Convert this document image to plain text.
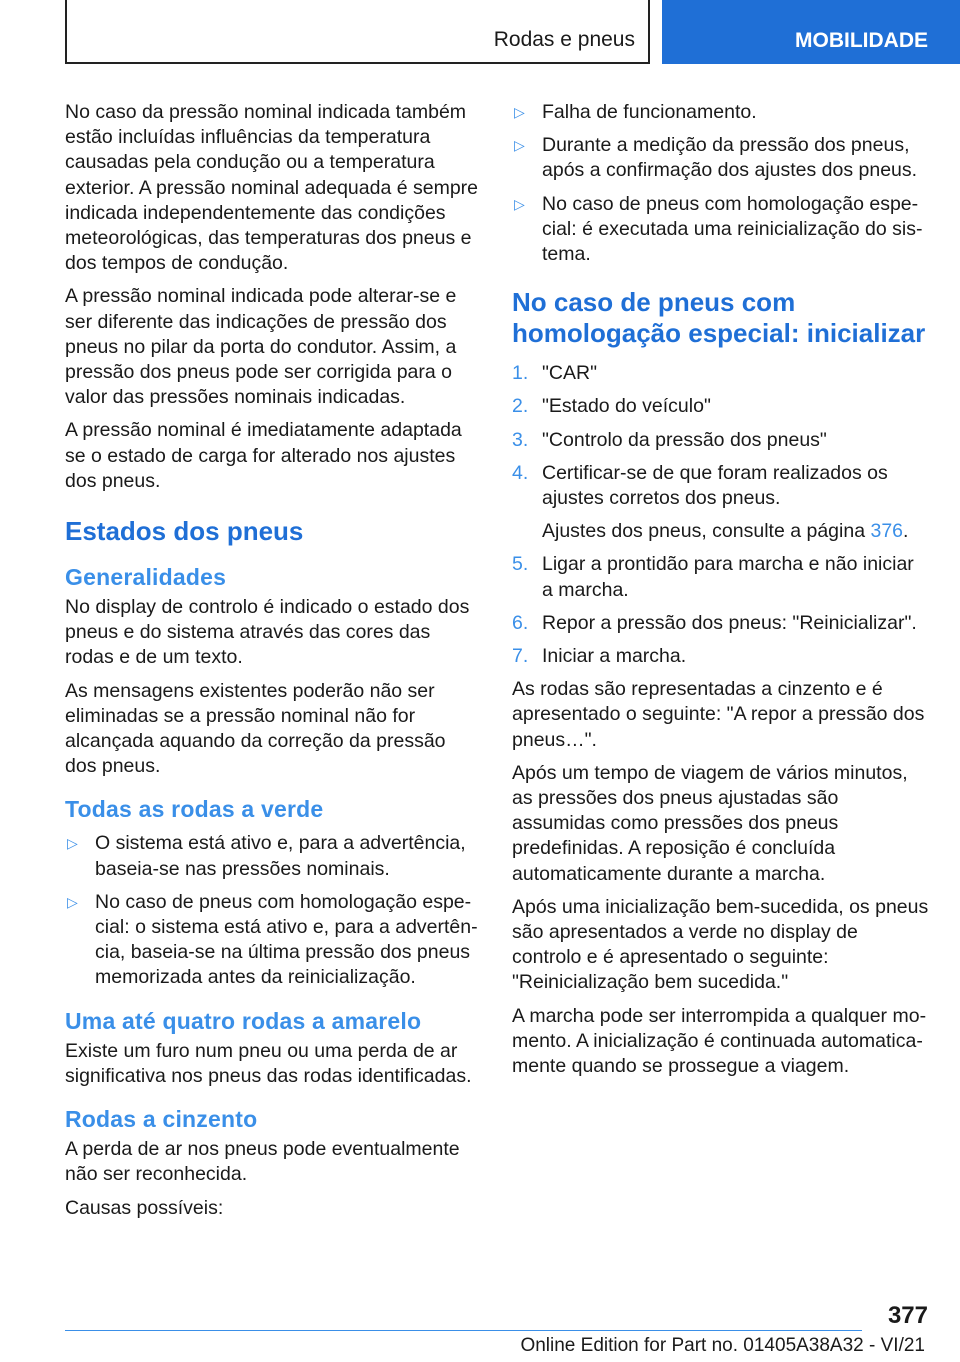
Rodas e pneus	MOBILIDADE

No caso da pressão nominal indicada também estão incluídas influências da temperatura causadas pela condução ou a temperatura exterior. A pressão nominal adequada é sempre indicada independentemente das condições meteorológicas, das temperaturas dos pneus e dos tempos de condução.

A pressão nominal indicada pode alterar-se e ser diferente das indicações de pressão dos pneus no pilar da porta do condutor. Assim, a pressão dos pneus pode ser corrigida para o valor das pressões nominais indicadas.

A pressão nominal é imediatamente adaptada se o estado de carga for alterado nos ajustes dos pneus.

Estados dos pneus
Generalidades

No display de controlo é indicado o estado dos pneus e do sistema através das cores das rodas e de um texto.

As mensagens existentes poderão não ser eliminadas se a pressão nominal não for alcançada aquando da correção da pressão dos pneus.

Todas as rodas a verde
▷ O sistema está ativo e, para a advertência, baseia-se nas pressões nominais.
▷ No caso de pneus com homologação especial: o sistema está ativo e, para a advertência, baseia-se na última pressão dos pneus memorizada antes da reinicialização.
Uma até quatro rodas a amarelo

Existe um furo num pneu ou uma perda de ar significativa nos pneus das rodas identificadas.

Rodas a cinzento

A perda de ar nos pneus pode eventualmente não ser reconhecida.

Causas possíveis:

▷ Falha de funcionamento.
▷ Durante a medição da pressão dos pneus, após a confirmação dos ajustes dos pneus.
▷ No caso de pneus com homologação especial: é executada uma reinicialização do sistema.
No caso de pneus com homologação especial: inicializar
1. "CAR"
2. "Estado do veículo"
3. "Controlo da pressão dos pneus"
4. Certificar-se de que foram realizados os ajustes corretos dos pneus.
Ajustes dos pneus, consulte a página 376.
5. Ligar a prontidão para marcha e não iniciar a marcha.
6. Repor a pressão dos pneus: "Reinicializar".
7. Iniciar a marcha.

As rodas são representadas a cinzento e é apresentado o seguinte: "A repor a pressão dos pneus…".

Após um tempo de viagem de vários minutos, as pressões dos pneus ajustadas são assumidas como pressões dos pneus predefinidas. A reposição é concluída automaticamente durante a marcha.

Após uma inicialização bem-sucedida, os pneus são apresentados a verde no display de controlo e é apresentado o seguinte: "Reinicialização bem sucedida."

A marcha pode ser interrompida a qualquer momento. A inicialização é continuada automaticamente quando se prossegue a viagem.

377
Online Edition for Part no. 01405A38A32 - VI/21
